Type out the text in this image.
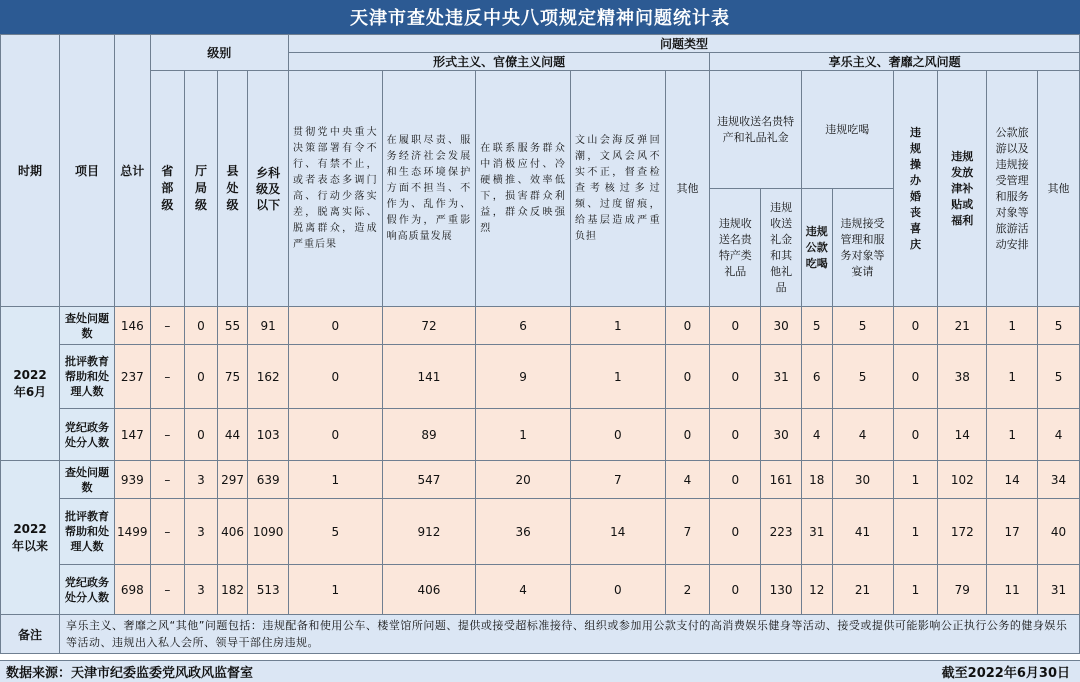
天津市查处违反中央八项规定精神问题统计表
时期	项目	总计	级别				问题类型												
							形式主义、官僚主义问题					享乐主义、奢靡之风问题							
			省部级	厅局级	县处级	乡科级及以下	贯彻党中央重大决策部署有令不行、有禁不止，或者表态多调门高、行动少落实差，脱离实际、脱离群众，造成严重后果	在履职尽责、服务经济社会发展和生态环境保护方面不担当、不作为、乱作为、假作为，严重影响高质量发展	在联系服务群众中消极应付、冷硬横推、效率低下，损害群众利益，群众反映强烈	文山会海反弹回潮，文风会风不实不正，督查检查考核过多过频、过度留痕，给基层造成严重负担	其他	违规收送名贵特产和礼品礼金		违规吃喝		违规操办婚丧喜庆	违规发放津补贴或福利	公款旅游以及违规接受管理和服务对象等旅游活动安排	其他
												违规收送名贵特产类礼品	违规收送礼金和其他礼品	违规公款吃喝	违规接受管理和服务对象等宴请				
2022年6月	查处问题数	146	–	0	55	91	0	72	6	1	0	0	30	5	5	0	21	1	5
	批评教育帮助和处理人数	237	–	0	75	162	0	141	9	1	0	0	31	6	5	0	38	1	5
	党纪政务处分人数	147	–	0	44	103	0	89	1	0	0	0	30	4	4	0	14	1	4
2022年以来	查处问题数	939	–	3	297	639	1	547	20	7	4	0	161	18	30	1	102	14	34
	批评教育帮助和处理人数	1499	–	3	406	1090	5	912	36	14	7	0	223	31	41	1	172	17	40
	党纪政务处分人数	698	–	3	182	513	1	406	4	0	2	0	130	12	21	1	79	11	31
备注	享乐主义、奢靡之风“其他”问题包括：违规配备和使用公车、楼堂馆所问题、提供或接受超标准接待、组织或参加用公款支付的高消费娱乐健身等活动、接受或提供可能影响公正执行公务的健身娱乐等活动、违规出入私人会所、领导干部住房违规。																		
数据来源：天津市纪委监委党风政风监督室	截至2022年6月30日
